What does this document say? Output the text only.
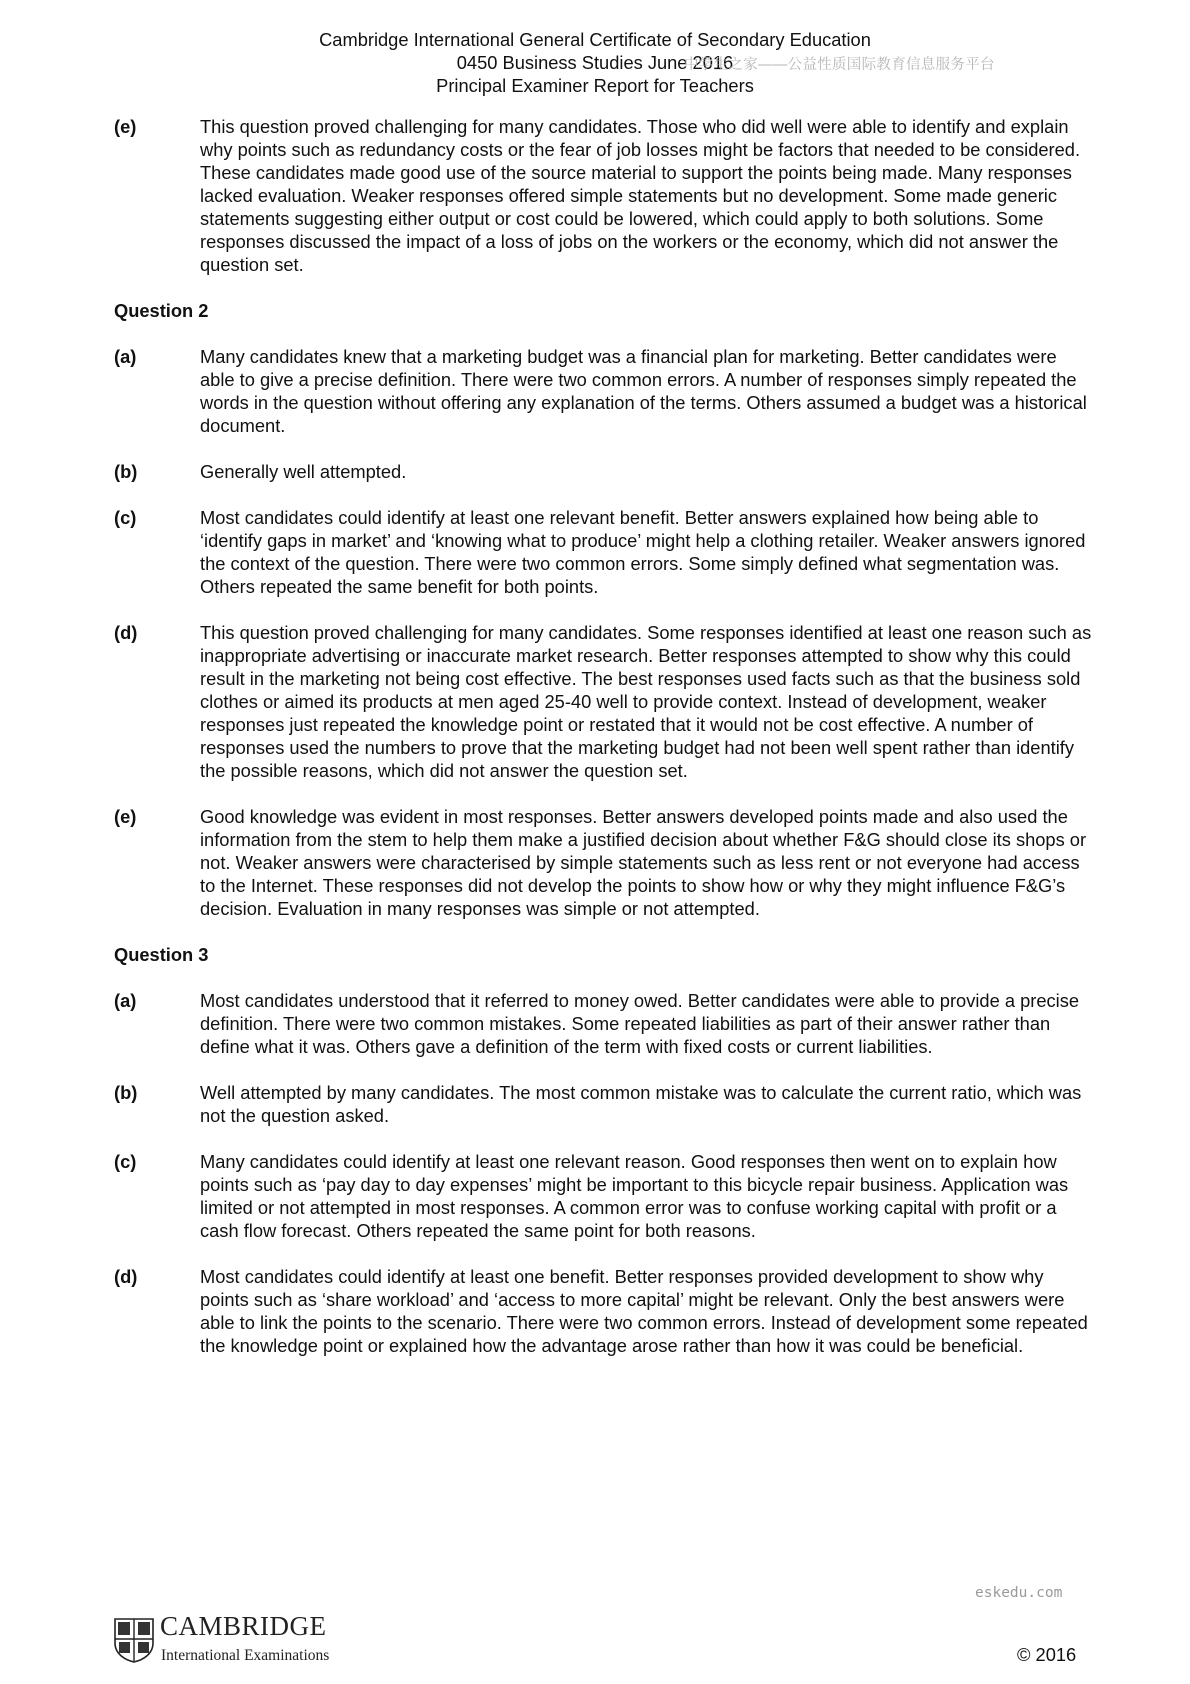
Cambridge International General Certificate of Secondary Education
0450 Business Studies June 2016
Principal Examiner Report for Teachers
中学生之家——公益性质国际教育信息服务平台
(e)	This question proved challenging for many candidates. Those who did well were able to identify and explain why points such as redundancy costs or the fear of job losses might be factors that needed to be considered. These candidates made good use of the source material to support the points being made. Many responses lacked evaluation. Weaker responses offered simple statements but no development. Some made generic statements suggesting either output or cost could be lowered, which could apply to both solutions. Some responses discussed the impact of a loss of jobs on the workers or the economy, which did not answer the question set.
Question 2
(a)	Many candidates knew that a marketing budget was a financial plan for marketing. Better candidates were able to give a precise definition. There were two common errors. A number of responses simply repeated the words in the question without offering any explanation of the terms. Others assumed a budget was a historical document.
(b)	Generally well attempted.
(c)	Most candidates could identify at least one relevant benefit. Better answers explained how being able to ‘identify gaps in market’ and ‘knowing what to produce’ might help a clothing retailer. Weaker answers ignored the context of the question. There were two common errors. Some simply defined what segmentation was. Others repeated the same benefit for both points.
(d)	This question proved challenging for many candidates. Some responses identified at least one reason such as inappropriate advertising or inaccurate market research. Better responses attempted to show why this could result in the marketing not being cost effective. The best responses used facts such as that the business sold clothes or aimed its products at men aged 25-40 well to provide context. Instead of development, weaker responses just repeated the knowledge point or restated that it would not be cost effective. A number of responses used the numbers to prove that the marketing budget had not been well spent rather than identify the possible reasons, which did not answer the question set.
(e)	Good knowledge was evident in most responses. Better answers developed points made and also used the information from the stem to help them make a justified decision about whether F&G should close its shops or not. Weaker answers were characterised by simple statements such as less rent or not everyone had access to the Internet. These responses did not develop the points to show how or why they might influence F&G’s decision. Evaluation in many responses was simple or not attempted.
Question 3
(a)	Most candidates understood that it referred to money owed. Better candidates were able to provide a precise definition. There were two common mistakes. Some repeated liabilities as part of their answer rather than define what it was. Others gave a definition of the term with fixed costs or current liabilities.
(b)	Well attempted by many candidates. The most common mistake was to calculate the current ratio, which was not the question asked.
(c)	Many candidates could identify at least one relevant reason. Good responses then went on to explain how points such as ‘pay day to day expenses’ might be important to this bicycle repair business. Application was limited or not attempted in most responses. A common error was to confuse working capital with profit or a cash flow forecast. Others repeated the same point for both reasons.
(d)	Most candidates could identify at least one benefit. Better responses provided development to show why points such as ‘share workload’ and ‘access to more capital’ might be relevant. Only the best answers were able to link the points to the scenario. There were two common errors. Instead of development some repeated the knowledge point or explained how the advantage arose rather than how it was could be beneficial.
eskedu.com
CAMBRIDGE
International Examinations	© 2016
